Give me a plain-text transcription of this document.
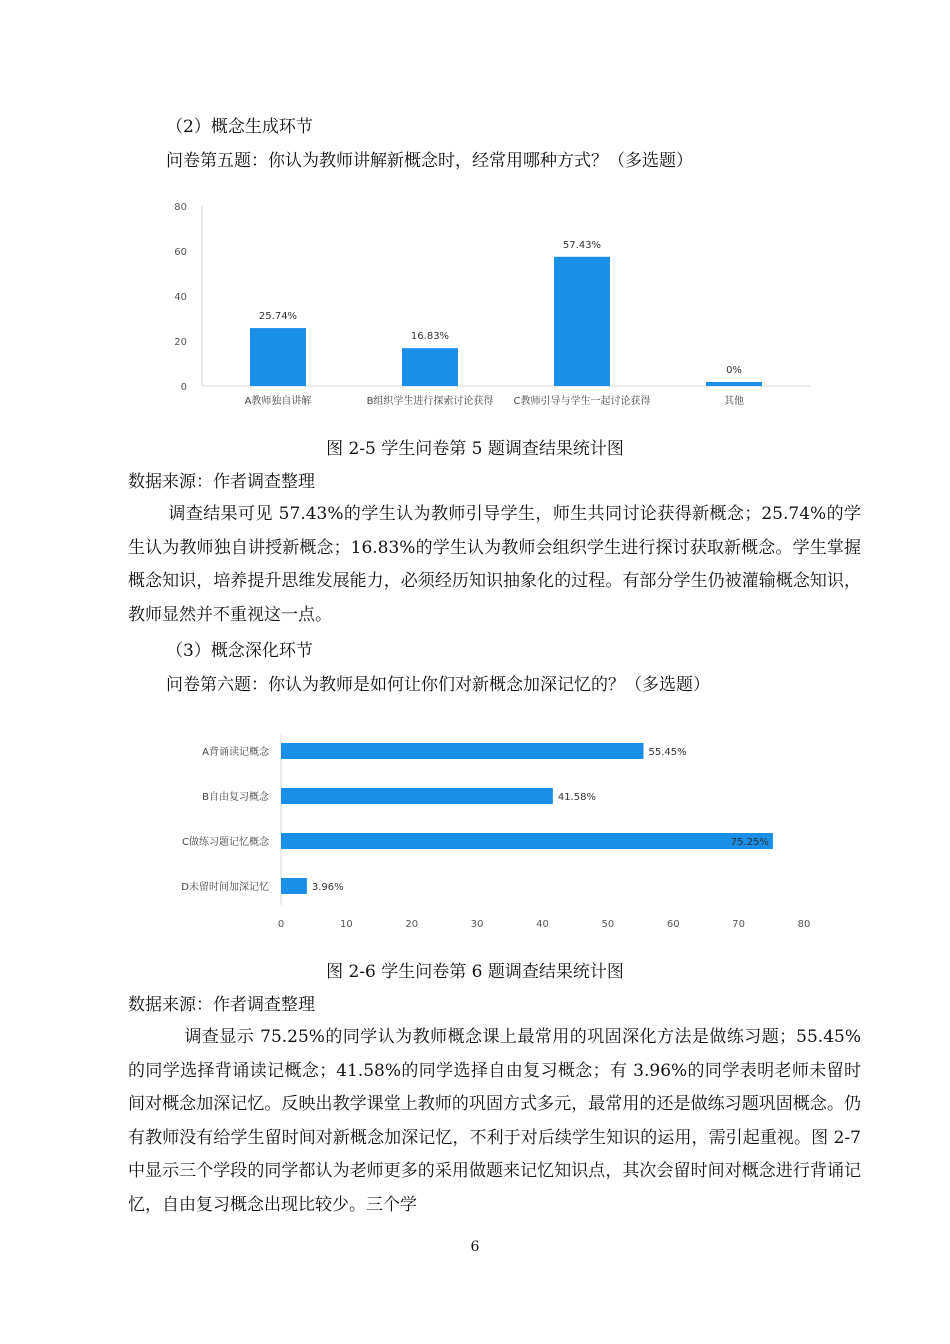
（2）概念生成环节
问卷第五题：你认为教师讲解新概念时，经常用哪种方式？（多选题）
0
20
40
60
80
25.74%
A教师独自讲解
16.83%
B组织学生进行探索讨论获得
57.43%
C教师引导与学生一起讨论获得
0%
其他
图 2-5 学生问卷第 5 题调查结果统计图
数据来源：作者调查整理
调查结果可见 57.43%的学生认为教师引导学生，师生共同讨论获得新概念；25.74%的学生认为教师独自讲授新概念；16.83%的学生认为教师会组织学生进行探讨获取新概念。学生掌握概念知识，培养提升思维发展能力，必须经历知识抽象化的过程。有部分学生仍被灌输概念知识，教师显然并不重视这一点。
（3）概念深化环节
问卷第六题：你认为教师是如何让你们对新概念加深记忆的？（多选题）
0	10	20	30	40	50	60	70	80
A背诵读记概念	55.45%
B自由复习概念	41.58%
C做练习题记忆概念	75.25%
D未留时间加深记忆	3.96%
图 2-6 学生问卷第 6 题调查结果统计图
数据来源：作者调查整理
调查显示 75.25%的同学认为教师概念课上最常用的巩固深化方法是做练习题；55.45%的同学选择背诵读记概念；41.58%的同学选择自由复习概念；有 3.96%的同学表明老师未留时间对概念加深记忆。反映出教学课堂上教师的巩固方式多元，最常用的还是做练习题巩固概念。仍有教师没有给学生留时间对新概念加深记忆，不利于对后续学生知识的运用，需引起重视。图 2-7 中显示三个学段的同学都认为老师更多的采用做题来记忆知识点，其次会留时间对概念进行背诵记忆，自由复习概念出现比较少。三个学
6
